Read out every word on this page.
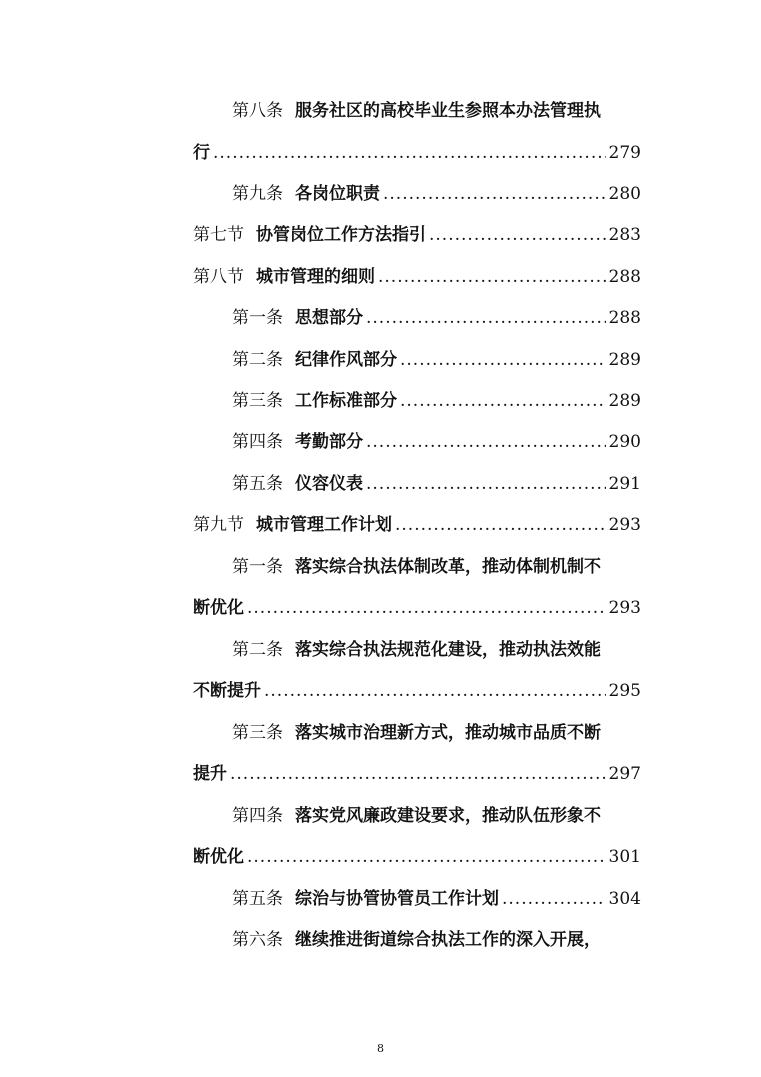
第八条 服务社区的高校毕业生参照本办法管理执
行 .....	279
第九条 各岗位职责 .....	280
第七节 协管岗位工作方法指引 .....	283
第八节 城市管理的细则 .....	288
第一条 思想部分 .....	288
第二条 纪律作风部分 .....	289
第三条 工作标准部分 .....	289
第四条 考勤部分 .....	290
第五条 仪容仪表 .....	291
第九节 城市管理工作计划 .....	293
第一条 落实综合执法体制改革，推动体制机制不
断优化 .....	293
第二条 落实综合执法规范化建设，推动执法效能
不断提升 .....	295
第三条 落实城市治理新方式，推动城市品质不断
提升 .....	297
第四条 落实党风廉政建设要求，推动队伍形象不
断优化 .....	301
第五条 综治与协管协管员工作计划 .....	304
第六条 继续推进街道综合执法工作的深入开展，
8
